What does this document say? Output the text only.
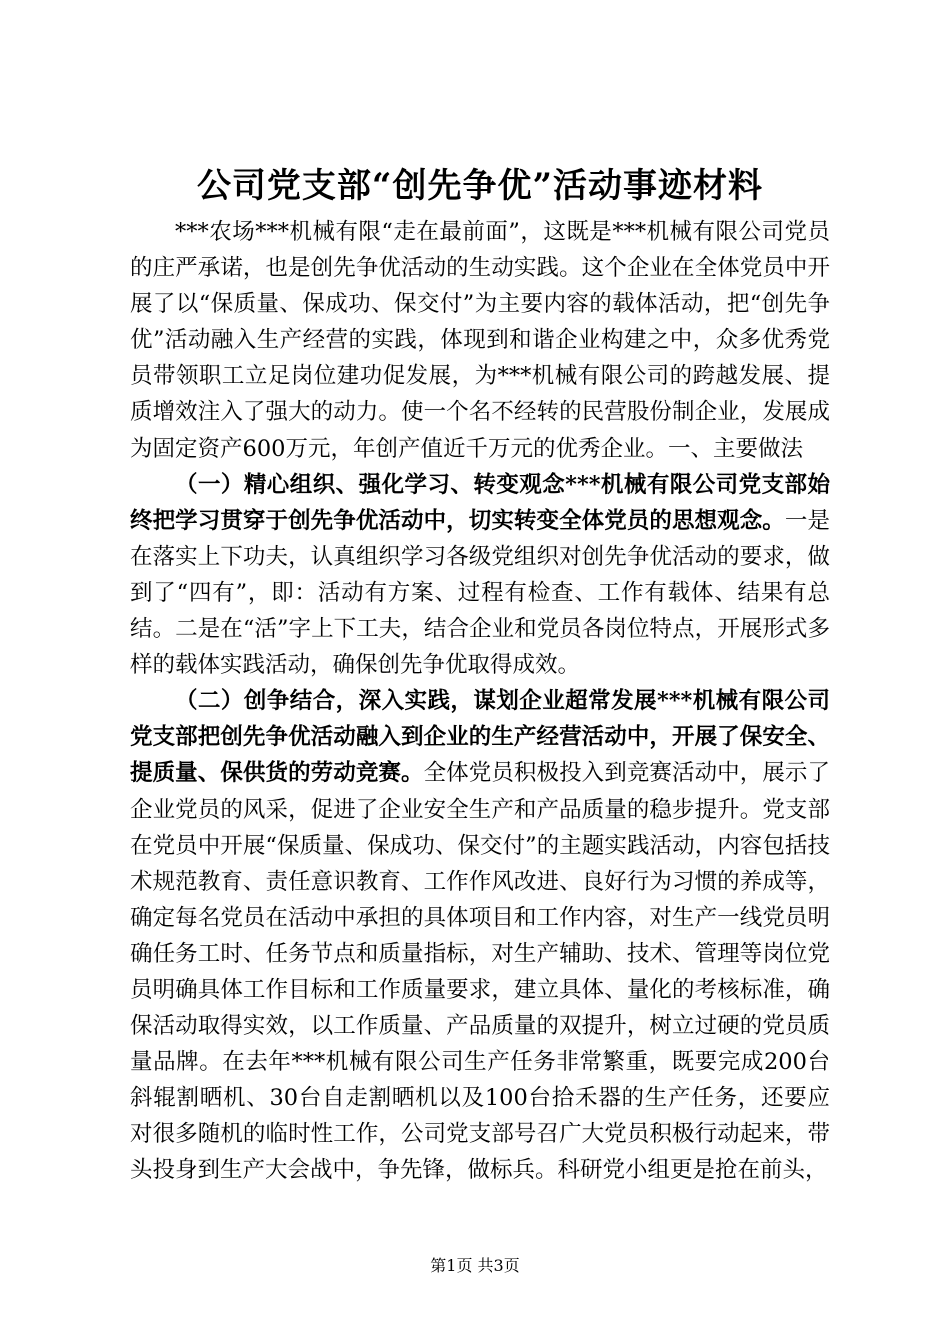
公司党支部“创先争优”活动事迹材料

***农场***机械有限“走在最前面”，这既是***机械有限公司党员的庄严承诺，也是创先争优活动的生动实践。这个企业在全体党员中开展了以“保质量、保成功、保交付”为主要内容的载体活动，把“创先争优”活动融入生产经营的实践，体现到和谐企业构建之中，众多优秀党员带领职工立足岗位建功促发展，为***机械有限公司的跨越发展、提质增效注入了强大的动力。使一个名不经转的民营股份制企业，发展成为固定资产600万元，年创产值近千万元的优秀企业。一、主要做法

（一）精心组织、强化学习、转变观念***机械有限公司党支部始终把学习贯穿于创先争优活动中，切实转变全体党员的思想观念。一是在落实上下功夫，认真组织学习各级党组织对创先争优活动的要求，做到了“四有”，即：活动有方案、过程有检查、工作有载体、结果有总结。二是在“活”字上下工夫，结合企业和党员各岗位特点，开展形式多样的载体实践活动，确保创先争优取得成效。

（二）创争结合，深入实践，谋划企业超常发展***机械有限公司党支部把创先争优活动融入到企业的生产经营活动中，开展了保安全、提质量、保供货的劳动竞赛。全体党员积极投入到竞赛活动中，展示了企业党员的风采，促进了企业安全生产和产品质量的稳步提升。党支部在党员中开展“保质量、保成功、保交付”的主题实践活动，内容包括技术规范教育、责任意识教育、工作作风改进、良好行为习惯的养成等，确定每名党员在活动中承担的具体项目和工作内容，对生产一线党员明确任务工时、任务节点和质量指标，对生产辅助、技术、管理等岗位党员明确具体工作目标和工作质量要求，建立具体、量化的考核标准，确保活动取得实效，以工作质量、产品质量的双提升，树立过硬的党员质量品牌。在去年***机械有限公司生产任务非常繁重，既要完成200台斜辊割晒机、30台自走割晒机以及100台拾禾器的生产任务，还要应对很多随机的临时性工作，公司党支部号召广大党员积极行动起来，带头投身到生产大会战中，争先锋，做标兵。科研党小组更是抢在前头，

第1页 共3页
